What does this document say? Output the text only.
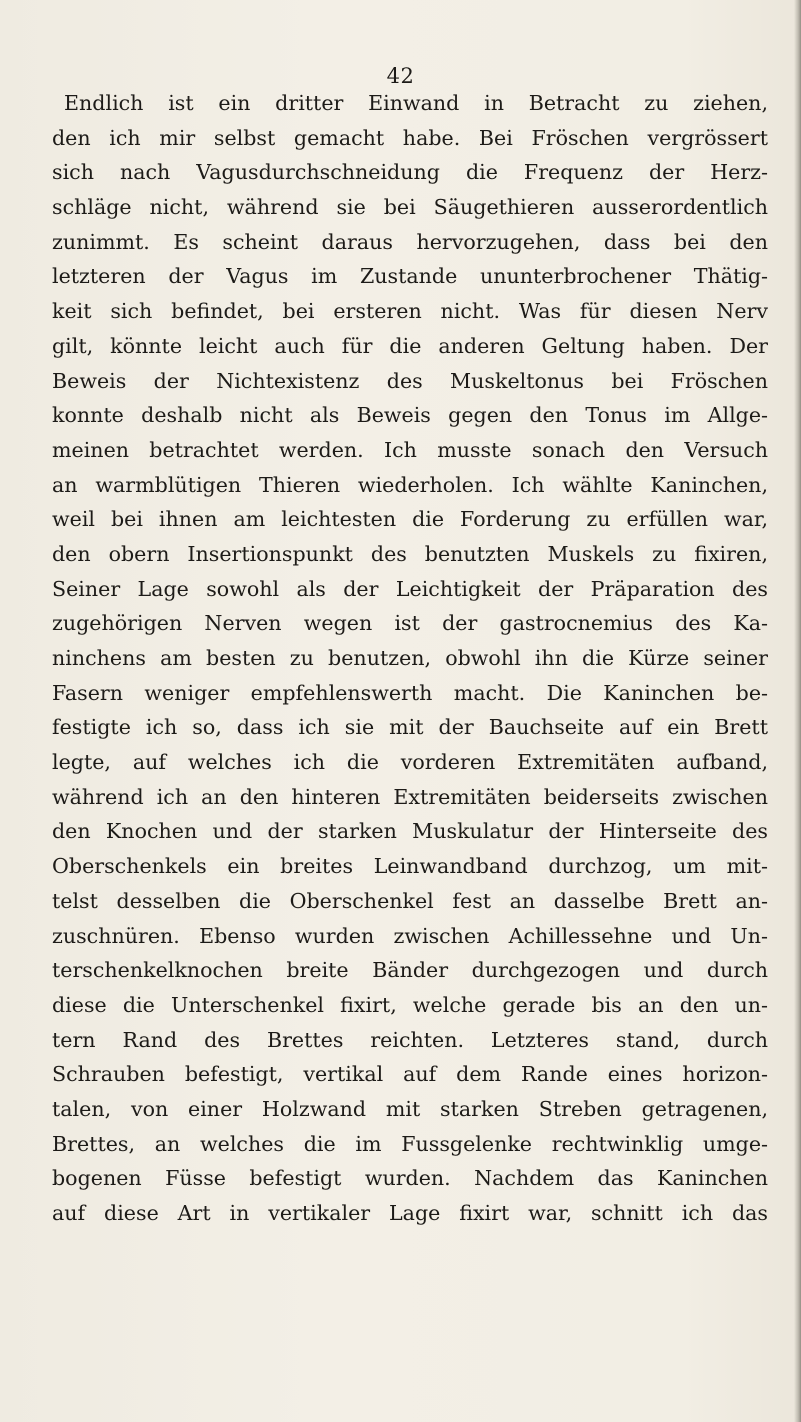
42
Endlich ist ein dritter Einwand in Betracht zu ziehen,
den ich mir selbst gemacht habe. Bei Fröschen vergrössert
sich nach Vagusdurchschneidung die Frequenz der Herz-
schläge nicht, während sie bei Säugethieren ausserordentlich
zunimmt. Es scheint daraus hervorzugehen, dass bei den
letzteren der Vagus im Zustande ununterbrochener Thätig-
keit sich befindet, bei ersteren nicht. Was für diesen Nerv
gilt, könnte leicht auch für die anderen Geltung haben. Der
Beweis der Nichtexistenz des Muskeltonus bei Fröschen
konnte deshalb nicht als Beweis gegen den Tonus im Allge-
meinen betrachtet werden. Ich musste sonach den Versuch
an warmblütigen Thieren wiederholen. Ich wählte Kaninchen,
weil bei ihnen am leichtesten die Forderung zu erfüllen war,
den obern Insertionspunkt des benutzten Muskels zu fixiren,
Seiner Lage sowohl als der Leichtigkeit der Präparation des
zugehörigen Nerven wegen ist der gastrocnemius des Ka-
ninchens am besten zu benutzen, obwohl ihn die Kürze seiner
Fasern weniger empfehlenswerth macht. Die Kaninchen be-
festigte ich so, dass ich sie mit der Bauchseite auf ein Brett
legte, auf welches ich die vorderen Extremitäten aufband,
während ich an den hinteren Extremitäten beiderseits zwischen
den Knochen und der starken Muskulatur der Hinterseite des
Oberschenkels ein breites Leinwandband durchzog, um mit-
telst desselben die Oberschenkel fest an dasselbe Brett an-
zuschnüren. Ebenso wurden zwischen Achillessehne und Un-
terschenkelknochen breite Bänder durchgezogen und durch
diese die Unterschenkel fixirt, welche gerade bis an den un-
tern Rand des Brettes reichten. Letzteres stand, durch
Schrauben befestigt, vertikal auf dem Rande eines horizon-
talen, von einer Holzwand mit starken Streben getragenen,
Brettes, an welches die im Fussgelenke rechtwinklig umge-
bogenen Füsse befestigt wurden. Nachdem das Kaninchen
auf diese Art in vertikaler Lage fixirt war, schnitt ich das
